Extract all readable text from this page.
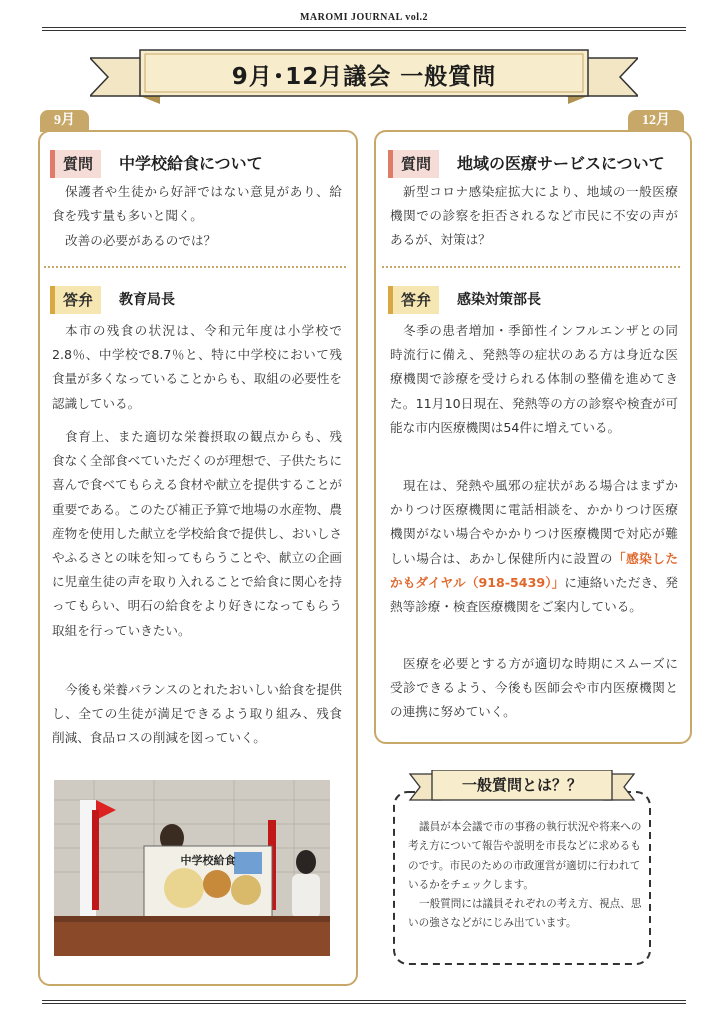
MAROMI JOURNAL vol.2
9月･12月議会 一般質問
9月
質問	中学校給食について

保護者や生徒から好評ではない意見があり、給食を残す量も多いと聞く。

改善の必要があるのでは？

答弁	教育局長

本市の残食の状況は、令和元年度は小学校で2.8％、中学校で8.7％と、特に中学校において残食量が多くなっていることからも、取組の必要性を認識している。

食育上、また適切な栄養摂取の観点からも、残食なく全部食べていただくのが理想で、子供たちに喜んで食べてもらえる食材や献立を提供することが重要である。このたび補正予算で地場の水産物、農産物を使用した献立を学校給食で提供し、おいしさやふるさとの味を知ってもらうことや、献立の企画に児童生徒の声を取り入れることで給食に関心を持ってもらい、明石の給食をより好きになってもらう取組を行っていきたい。

今後も栄養バランスのとれたおいしい給食を提供し、全ての生徒が満足できるよう取り組み、残食削減、食品ロスの削減を図っていく。

中学校給食
12月
質問	地域の医療サービスについて

新型コロナ感染症拡大により、地域の一般医療機関での診察を拒否されるなど市民に不安の声があるが、対策は？

答弁	感染対策部長

冬季の患者増加・季節性インフルエンザとの同時流行に備え、発熱等の症状のある方は身近な医療機関で診療を受けられる体制の整備を進めてきた。11月10日現在、発熱等の方の診察や検査が可能な市内医療機関は54件に増えている。

現在は、発熱や風邪の症状がある場合はまずかかりつけ医療機関に電話相談を、かかりつけ医療機関がない場合やかかりつけ医療機関で対応が難しい場合は、あかし保健所内に設置の「感染したかもダイヤル（918-5439）」に連絡いただき、発熱等診療・検査医療機関をご案内している。

医療を必要とする方が適切な時期にスムーズに受診できるよう、今後も医師会や市内医療機関との連携に努めていく。

一般質問とは？？
議員が本会議で市の事務の執行状況や将来への考え方について報告や説明を市長などに求めるものです。市民のための市政運営が適切に行われているかをチェックします。
一般質問には議員それぞれの考え方、視点、思いの強さなどがにじみ出ています。
